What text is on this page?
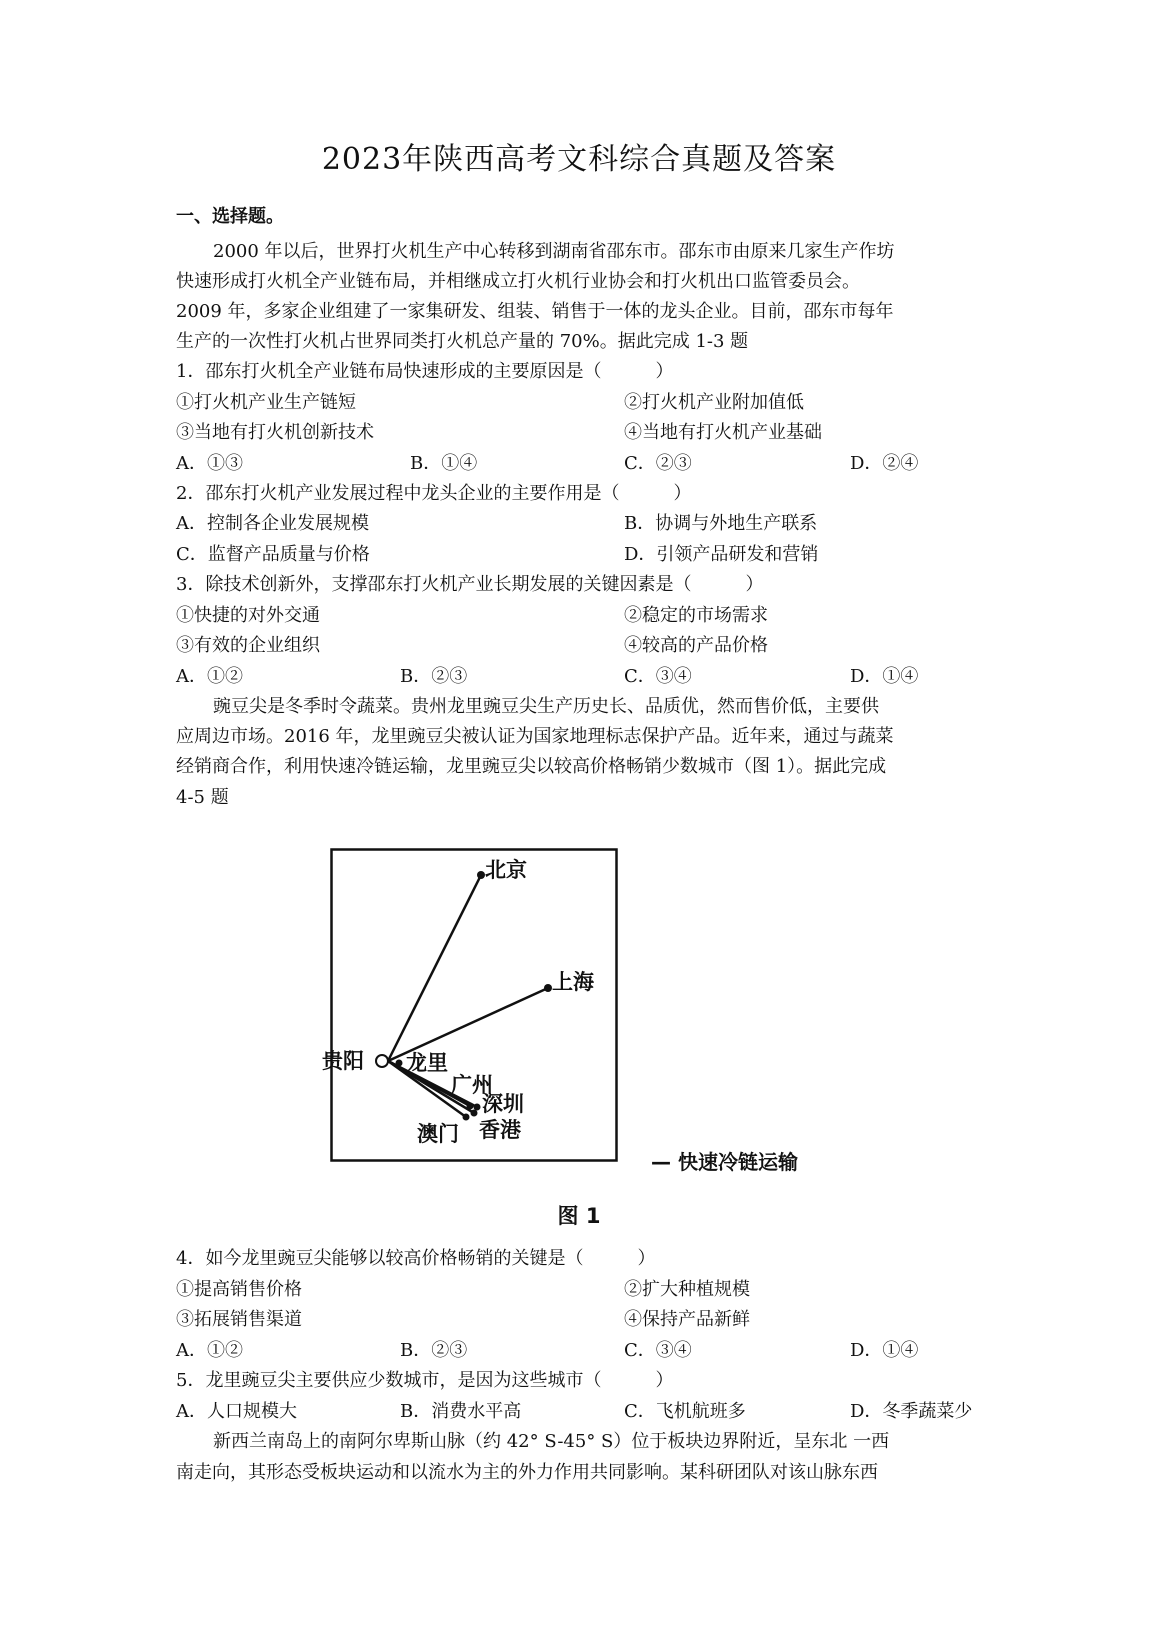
2023年陕西高考文科综合真题及答案
一、选择题。
2000 年以后，世界打火机生产中心转移到湖南省邵东市。邵东市由原来几家生产作坊
快速形成打火机全产业链布局，并相继成立打火机行业协会和打火机出口监管委员会。
2009 年，多家企业组建了一家集研发、组装、销售于一体的龙头企业。目前，邵东市每年
生产的一次性打火机占世界同类打火机总产量的 70%。据此完成 1-3 题
1．邵东打火机全产业链布局快速形成的主要原因是（　　　）
①打火机产业生产链短	②打火机产业附加值低
③当地有打火机创新技术	④当地有打火机产业基础
A．①③	B．①④	C．②③	D．②④
2．邵东打火机产业发展过程中龙头企业的主要作用是（　　　）
A．控制各企业发展规模	B．协调与外地生产联系
C．监督产品质量与价格	D．引领产品研发和营销
3．除技术创新外，支撑邵东打火机产业长期发展的关键因素是（　　　）
①快捷的对外交通	②稳定的市场需求
③有效的企业组织	④较高的产品价格
A．①②	B．②③	C．③④	D．①④
豌豆尖是冬季时令蔬菜。贵州龙里豌豆尖生产历史长、品质优，然而售价低，主要供
应周边市场。2016 年，龙里豌豆尖被认证为国家地理标志保护产品。近年来，通过与蔬菜
经销商合作，利用快速冷链运输，龙里豌豆尖以较高价格畅销少数城市（图 1）。据此完成
4-5 题
北京
上海
贵阳 龙里
广州
深圳
香港
澳门
— 快速冷链运输
图 1
4．如今龙里豌豆尖能够以较高价格畅销的关键是（　　　）
①提高销售价格	②扩大种植规模
③拓展销售渠道	④保持产品新鲜
A．①②	B．②③	C．③④	D．①④
5．龙里豌豆尖主要供应少数城市，是因为这些城市（　　　）
A．人口规模大	B．消费水平高	C．飞机航班多	D．冬季蔬菜少
新西兰南岛上的南阿尔卑斯山脉（约 42° S-45° S）位于板块边界附近，呈东北 一西
南走向，其形态受板块运动和以流水为主的外力作用共同影响。某科研团队对该山脉东西
